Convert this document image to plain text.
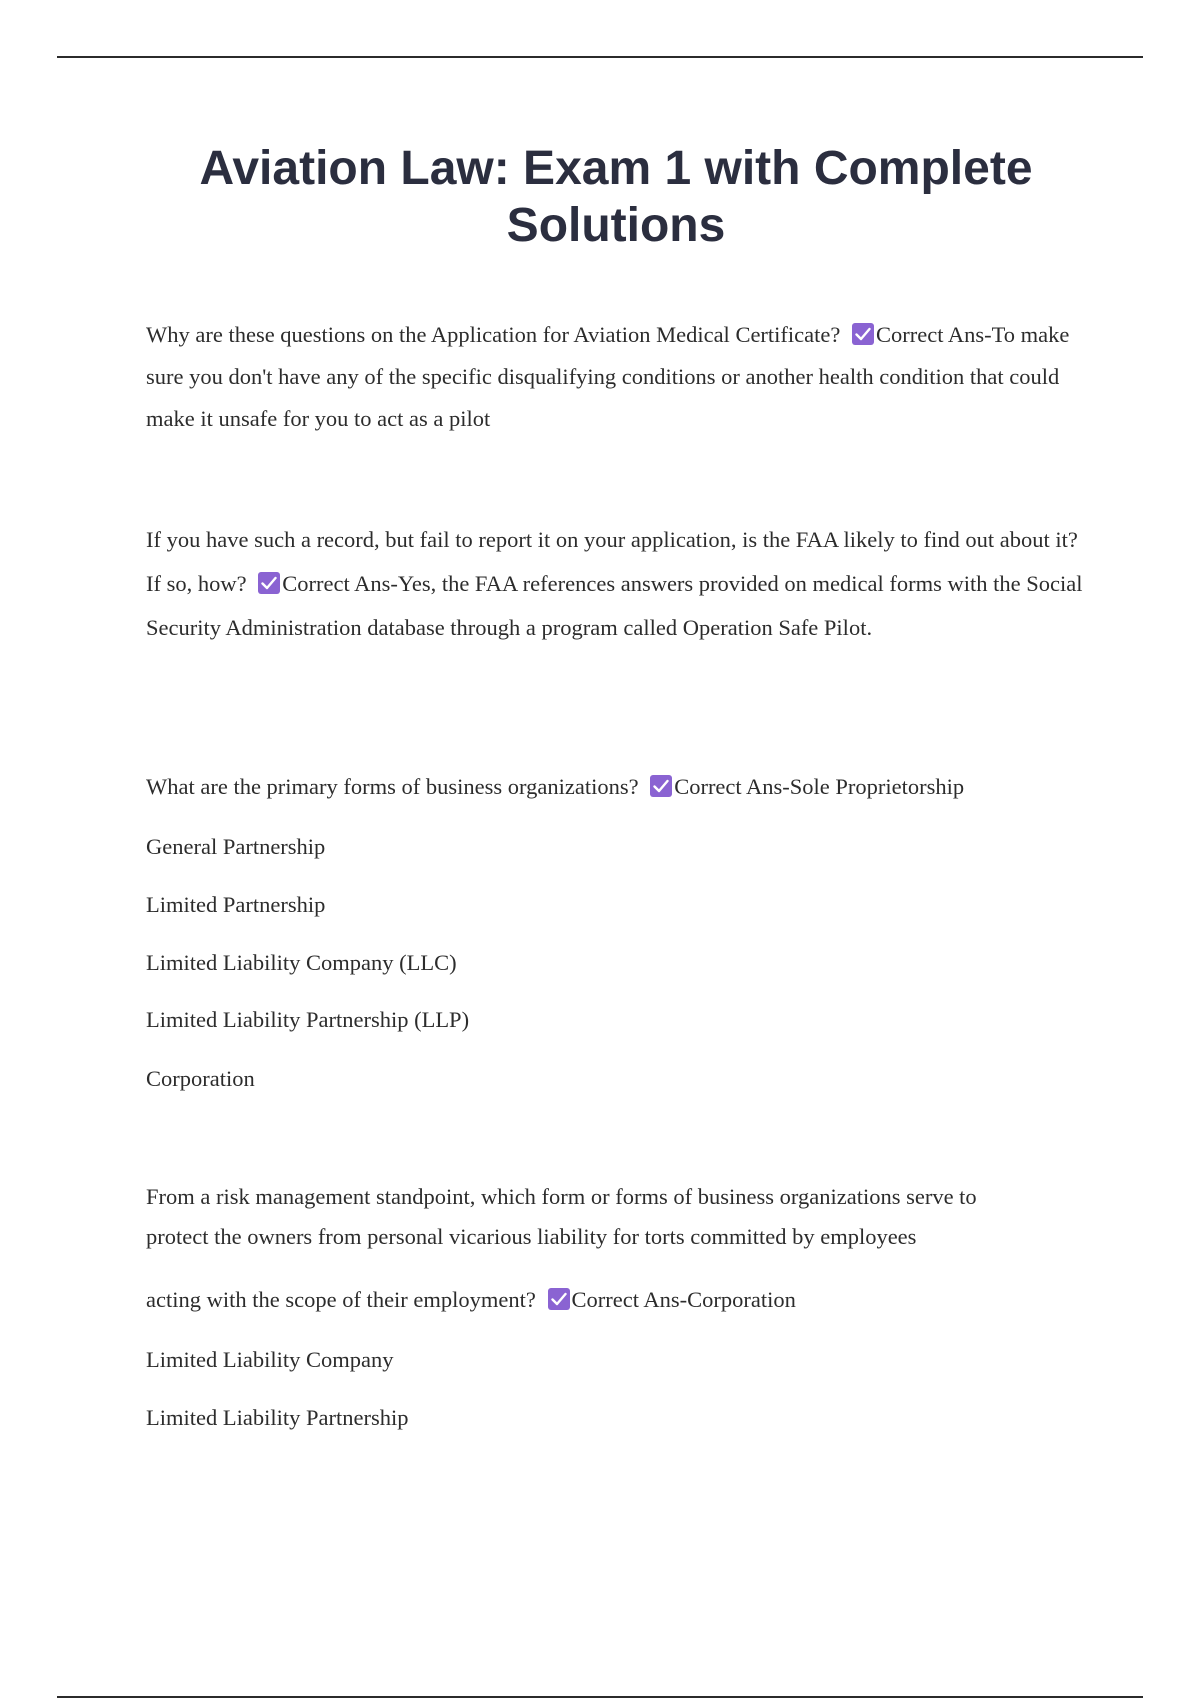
Aviation Law: Exam 1 with Complete Solutions

Why are these questions on the Application for Aviation Medical Certificate? Correct Ans-To make sure you don't have any of the specific disqualifying conditions or another health condition that could make it unsafe for you to act as a pilot

If you have such a record, but fail to report it on your application, is the FAA likely to find out about it? If so, how? Correct Ans-Yes, the FAA references answers provided on medical forms with the Social Security Administration database through a program called Operation Safe Pilot.

What are the primary forms of business organizations? Correct Ans-Sole Proprietorship

General Partnership

Limited Partnership

Limited Liability Company (LLC)

Limited Liability Partnership (LLP)

Corporation

From a risk management standpoint, which form or forms of business organizations serve to

protect the owners from personal vicarious liability for torts committed by employees

acting with the scope of their employment? Correct Ans-Corporation

Limited Liability Company

Limited Liability Partnership
